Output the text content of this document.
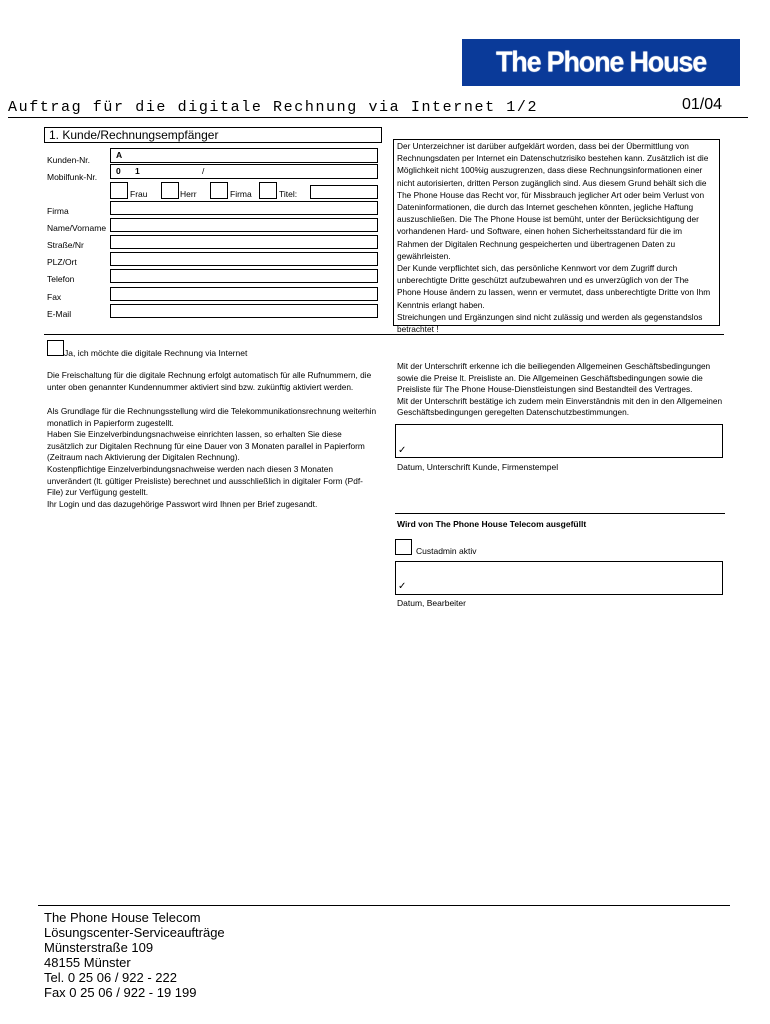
The Phone House
Auftrag für die digitale Rechnung via Internet 1/2	01/04
1. Kunde/Rechnungsempfänger
Kunden-Nr.	A
Mobilfunk-Nr.
0 1	/
Frau	Herr	Firma	Titel:
Firma
Name/Vorname
Straße/Nr
PLZ/Ort
Telefon
Fax
E-Mail

Der Unterzeichner ist darüber aufgeklärt worden, dass bei der Übermittlung von Rechnungsdaten per Internet ein Datenschutzrisiko bestehen kann. Zusätzlich ist die Möglichkeit nicht 100%ig auszugrenzen, dass diese Rechnungsinformationen einer nicht autorisierten, dritten Person zugänglich sind. Aus diesem Grund behält sich die The Phone House das Recht vor, für Missbrauch jeglicher Art oder beim Verlust von Dateninformationen, die durch das Internet geschehen könnten, jegliche Haftung auszuschließen. Die The Phone House ist bemüht, unter der Berücksichtigung der vorhandenen Hard- und Software, einen hohen Sicherheitsstandard für die im Rahmen der Digitalen Rechnung gespeicherten und übertragenen Daten zu gewährleisten.

Der Kunde verpflichtet sich, das persönliche Kennwort vor dem Zugriff durch unberechtigte Dritte geschützt aufzubewahren und es unverzüglich von der The Phone House ändern zu lassen, wenn er vermutet, dass unberechtigte Dritte von Ihm Kenntnis erlangt haben.

Streichungen und Ergänzungen sind nicht zulässig und werden als gegenstandslos betrachtet !

Ja, ich möchte die digitale Rechnung via Internet
Die Freischaltung für die digitale Rechnung erfolgt automatisch für alle Rufnummern, die unter oben genannter Kundennummer aktiviert sind bzw. zukünftig aktiviert werden.
Als Grundlage für die Rechnungsstellung wird die Telekommunikationsrechnung weiterhin monatlich in Papierform zugestellt.
Haben Sie Einzelverbindungsnachweise einrichten lassen, so erhalten Sie diese zusätzlich zur Digitalen Rechnung für eine Dauer von 3 Monaten parallel in Papierform (Zeitraum nach Aktivierung der Digitalen Rechnung).
Kostenpflichtige Einzelverbindungsnachweise werden nach diesen 3 Monaten unverändert (lt. gültiger Preisliste) berechnet und ausschließlich in digitaler Form (Pdf-File) zur Verfügung gestellt.
Ihr Login und das dazugehörige Passwort wird Ihnen per Brief zugesandt.
Mit der Unterschrift erkenne ich die beiliegenden Allgemeinen Geschäftsbedingungen sowie die Preise lt. Preisliste an. Die Allgemeinen Geschäftsbedingungen sowie die Preisliste für The Phone House-Dienstleistungen sind Bestandteil des Vertrages.
Mit der Unterschrift bestätige ich zudem mein Einverständnis mit den in den Allgemeinen Geschäftsbedingungen geregelten Datenschutzbestimmungen.
✓
Datum, Unterschrift Kunde, Firmenstempel
Wird von The Phone House Telecom ausgefüllt
Custadmin aktiv
✓
Datum, Bearbeiter
The Phone House Telecom
Lösungscenter-Serviceaufträge
Münsterstraße 109
48155 Münster
Tel. 0 25 06 / 922 - 222
Fax 0 25 06 / 922 - 19 199
